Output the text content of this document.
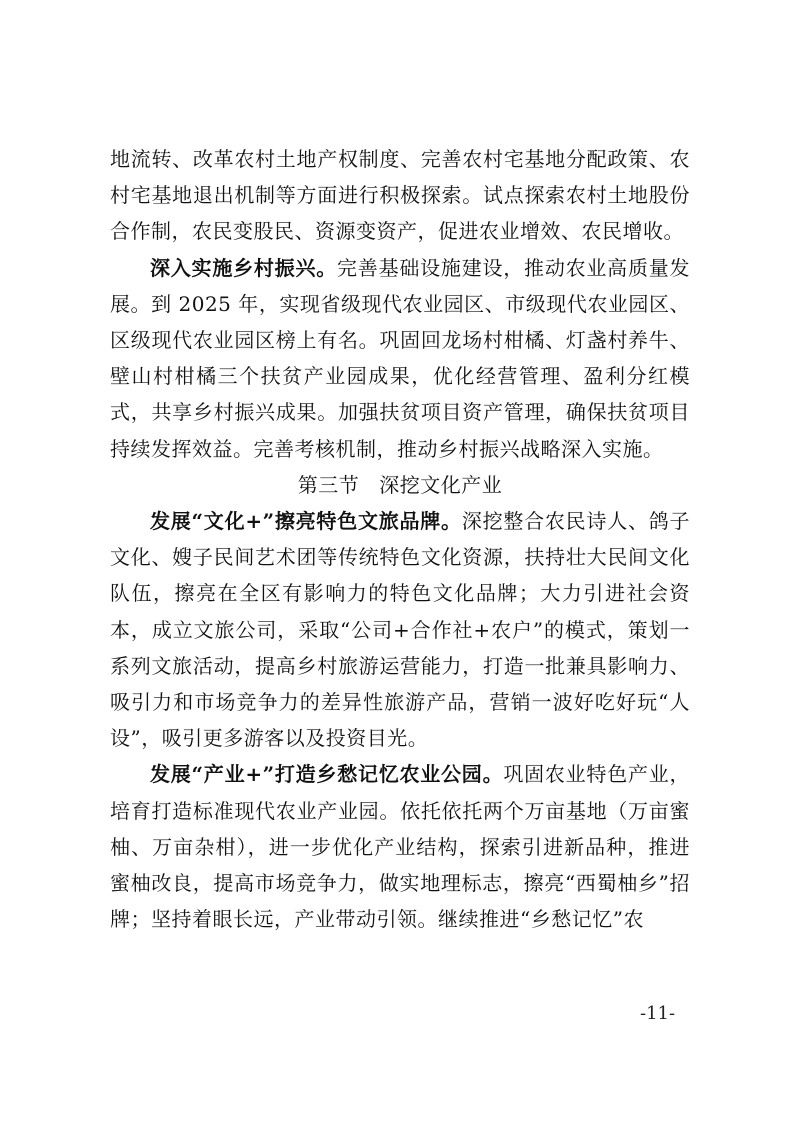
地流转、改革农村土地产权制度、完善农村宅基地分配政策、农村宅基地退出机制等方面进行积极探索。试点探索农村土地股份合作制，农民变股民、资源变资产，促进农业增效、农民增收。

深入实施乡村振兴。完善基础设施建设，推动农业高质量发展。到 2025 年，实现省级现代农业园区、市级现代农业园区、区级现代农业园区榜上有名。巩固回龙场村柑橘、灯盏村养牛、壁山村柑橘三个扶贫产业园成果，优化经营管理、盈利分红模式，共享乡村振兴成果。加强扶贫项目资产管理，确保扶贫项目持续发挥效益。完善考核机制，推动乡村振兴战略深入实施。

第三节 深挖文化产业

发展“文化+”擦亮特色文旅品牌。深挖整合农民诗人、鸽子文化、嫂子民间艺术团等传统特色文化资源，扶持壮大民间文化队伍，擦亮在全区有影响力的特色文化品牌；大力引进社会资本，成立文旅公司，采取“公司+合作社+农户”的模式，策划一系列文旅活动，提高乡村旅游运营能力，打造一批兼具影响力、吸引力和市场竞争力的差异性旅游产品，营销一波好吃好玩“人设”，吸引更多游客以及投资目光。

发展“产业+”打造乡愁记忆农业公园。巩固农业特色产业，培育打造标准现代农业产业园。依托依托两个万亩基地（万亩蜜柚、万亩杂柑），进一步优化产业结构，探索引进新品种，推进蜜柚改良，提高市场竞争力，做实地理标志，擦亮“西蜀柚乡”招牌；坚持着眼长远，产业带动引领。继续推进“乡愁记忆”农

-11-
